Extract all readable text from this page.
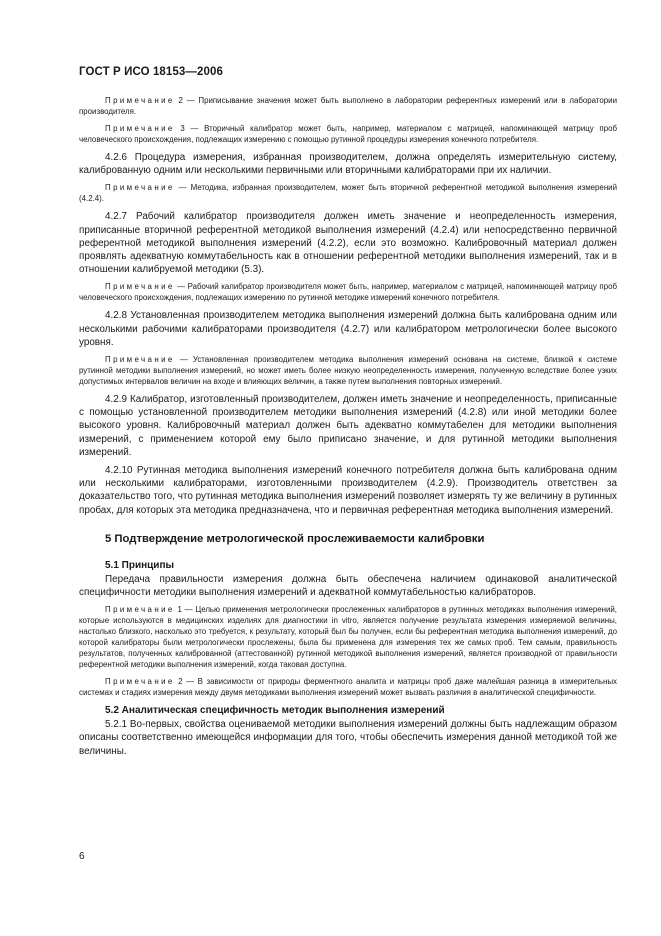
ГОСТ Р ИСО 18153—2006
Примечание 2 — Приписывание значения может быть выполнено в лаборатории референтных измерений или в лаборатории производителя.
Примечание 3 — Вторичный калибратор может быть, например, материалом с матрицей, напоминающей матрицу проб человеческого происхождения, подлежащих измерению с помощью рутинной процедуры измерения конечного потребителя.
4.2.6 Процедура измерения, избранная производителем, должна определять измерительную систему, калиброванную одним или несколькими первичными или вторичными калибраторами при их наличии.
Примечание — Методика, избранная производителем, может быть вторичной референтной методикой выполнения измерений (4.2.4).
4.2.7 Рабочий калибратор производителя должен иметь значение и неопределенность измерения, приписанные вторичной референтной методикой выполнения измерений (4.2.4) или непосредственно первичной референтной методикой выполнения измерений (4.2.2), если это возможно. Калибровочный материал должен проявлять адекватную коммутабельность как в отношении референтной методики выполнения измерений, так и в отношении калибруемой методики (5.3).
Примечание — Рабочий калибратор производителя может быть, например, материалом с матрицей, напоминающей матрицу проб человеческого происхождения, подлежащих измерению по рутинной методике измерений конечного потребителя.
4.2.8 Установленная производителем методика выполнения измерений должна быть калибрована одним или несколькими рабочими калибраторами производителя (4.2.7) или калибратором метрологически более высокого уровня.
Примечание — Установленная производителем методика выполнения измерений основана на системе, близкой к системе рутинной методики выполнения измерений, но может иметь более низкую неопределенность измерения, полученную вследствие более узких допустимых интервалов величин на входе и влияющих величин, а также путем выполнения повторных измерений.
4.2.9 Калибратор, изготовленный производителем, должен иметь значение и неопределенность, приписанные с помощью установленной производителем методики выполнения измерений (4.2.8) или иной методики более высокого уровня. Калибровочный материал должен быть адекватно коммутабелен для методики выполнения измерений, с применением которой ему было приписано значение, и для рутинной методики выполнения измерений.
4.2.10 Рутинная методика выполнения измерений конечного потребителя должна быть калибрована одним или несколькими калибраторами, изготовленными производителем (4.2.9). Производитель ответствен за доказательство того, что рутинная методика выполнения измерений позволяет измерять ту же величину в рутинных пробах, для которых эта методика предназначена, что и первичная референтная методика выполнения измерений.
5 Подтверждение метрологической прослеживаемости калибровки
5.1 Принципы
Передача правильности измерения должна быть обеспечена наличием одинаковой аналитической специфичности методики выполнения измерений и адекватной коммутабельностью калибраторов.
Примечание 1 — Целью применения метрологически прослеженных калибраторов в рутинных методиках выполнения измерений, которые используются в медицинских изделиях для диагностики in vitro, является получение результата измерения измеряемой величины, настолько близкого, насколько это требуется, к результату, который был бы получен, если бы референтная методика выполнения измерений, до которой калибраторы были метрологически прослежены, была бы применена для измерения тех же самых проб. Тем самым, правильность результатов, полученных калиброванной (аттестованной) рутинной методикой выполнения измерений, является производной от правильности референтной методики выполнения измерений, когда таковая доступна.
Примечание 2 — В зависимости от природы ферментного аналита и матрицы проб даже малейшая разница в измерительных системах и стадиях измерения между двумя методиками выполнения измерений может вызвать различия в аналитической специфичности.
5.2 Аналитическая специфичность методик выполнения измерений
5.2.1 Во-первых, свойства оцениваемой методики выполнения измерений должны быть надлежащим образом описаны соответственно имеющейся информации для того, чтобы обеспечить измерения данной методикой той же величины.
6
